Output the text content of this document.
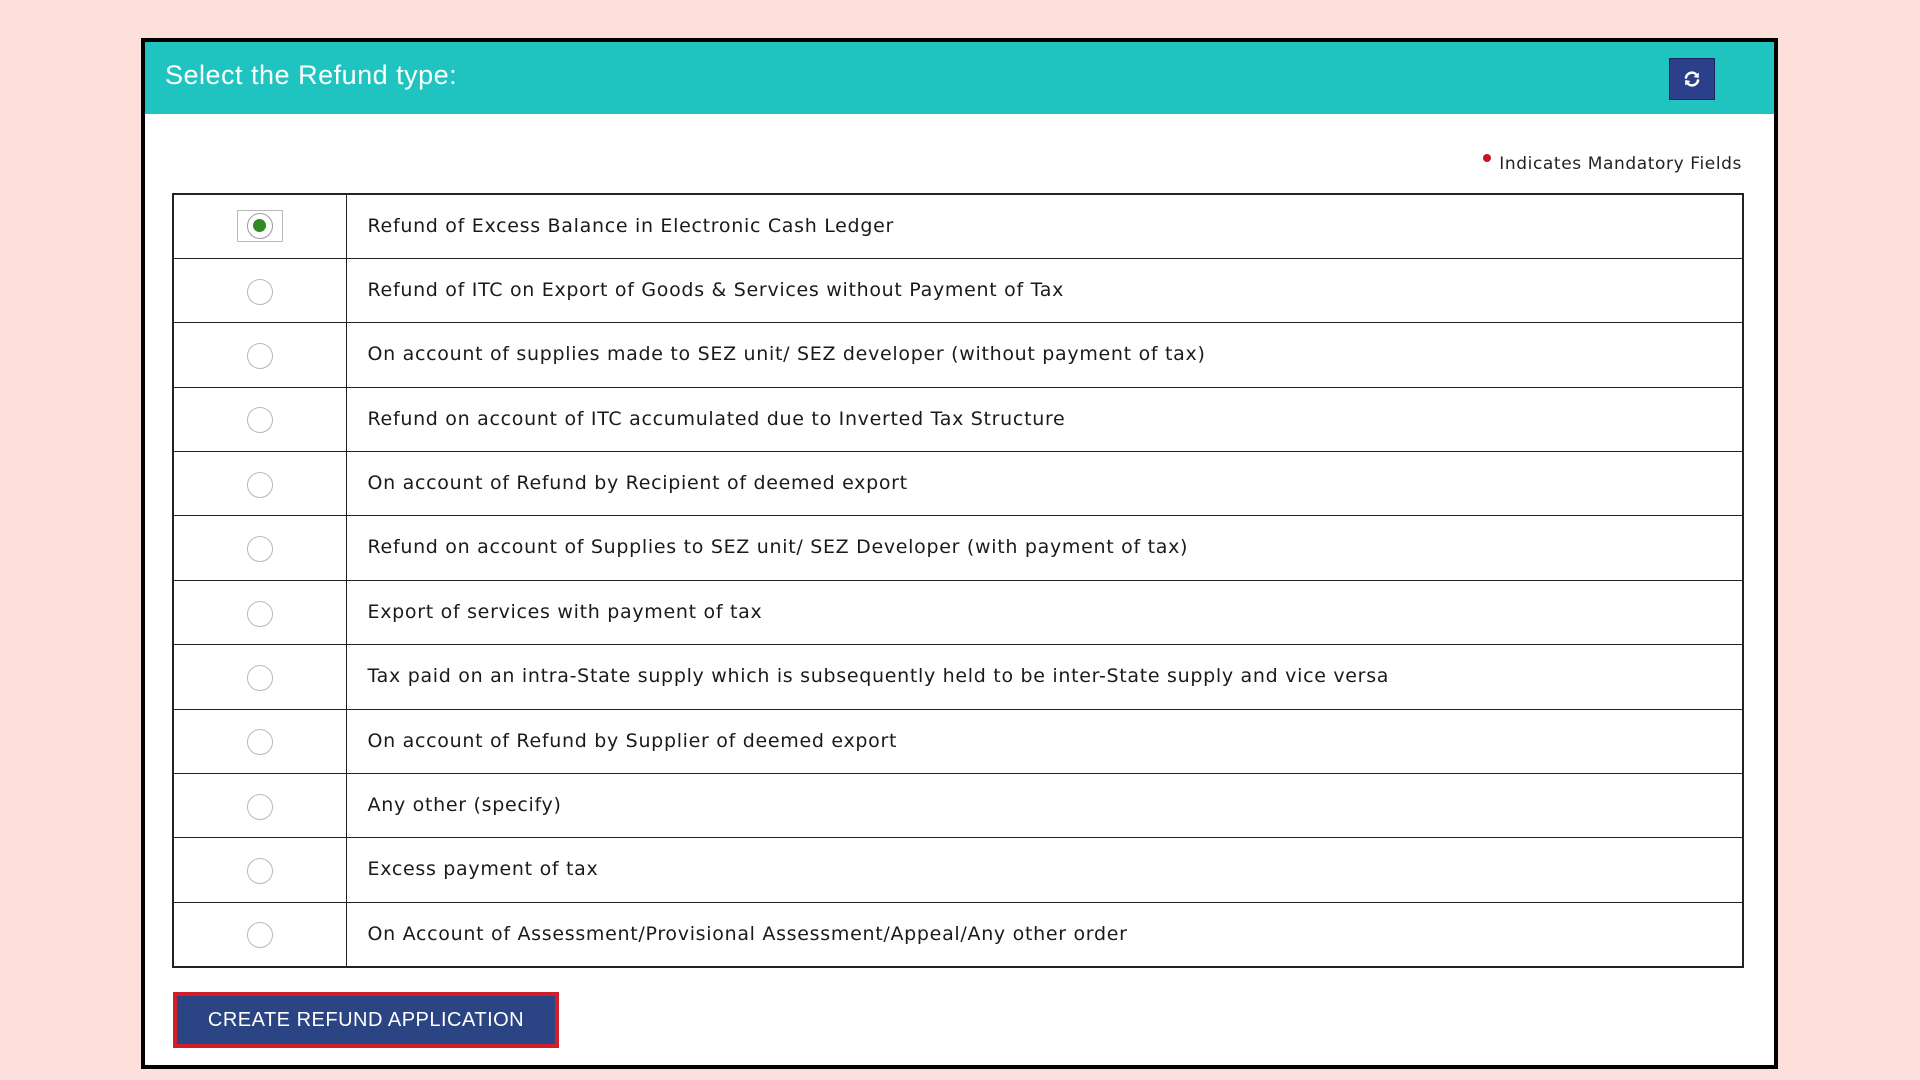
Select the Refund type:
Indicates Mandatory Fields
	Refund of Excess Balance in Electronic Cash Ledger
	Refund of ITC on Export of Goods & Services without Payment of Tax
	On account of supplies made to SEZ unit/ SEZ developer (without payment of tax)
	Refund on account of ITC accumulated due to Inverted Tax Structure
	On account of Refund by Recipient of deemed export
	Refund on account of Supplies to SEZ unit/ SEZ Developer (with payment of tax)
	Export of services with payment of tax
	Tax paid on an intra-State supply which is subsequently held to be inter-State supply and vice versa
	On account of Refund by Supplier of deemed export
	Any other (specify)
	Excess payment of tax
	On Account of Assessment/Provisional Assessment/Appeal/Any other order
CREATE REFUND APPLICATION
